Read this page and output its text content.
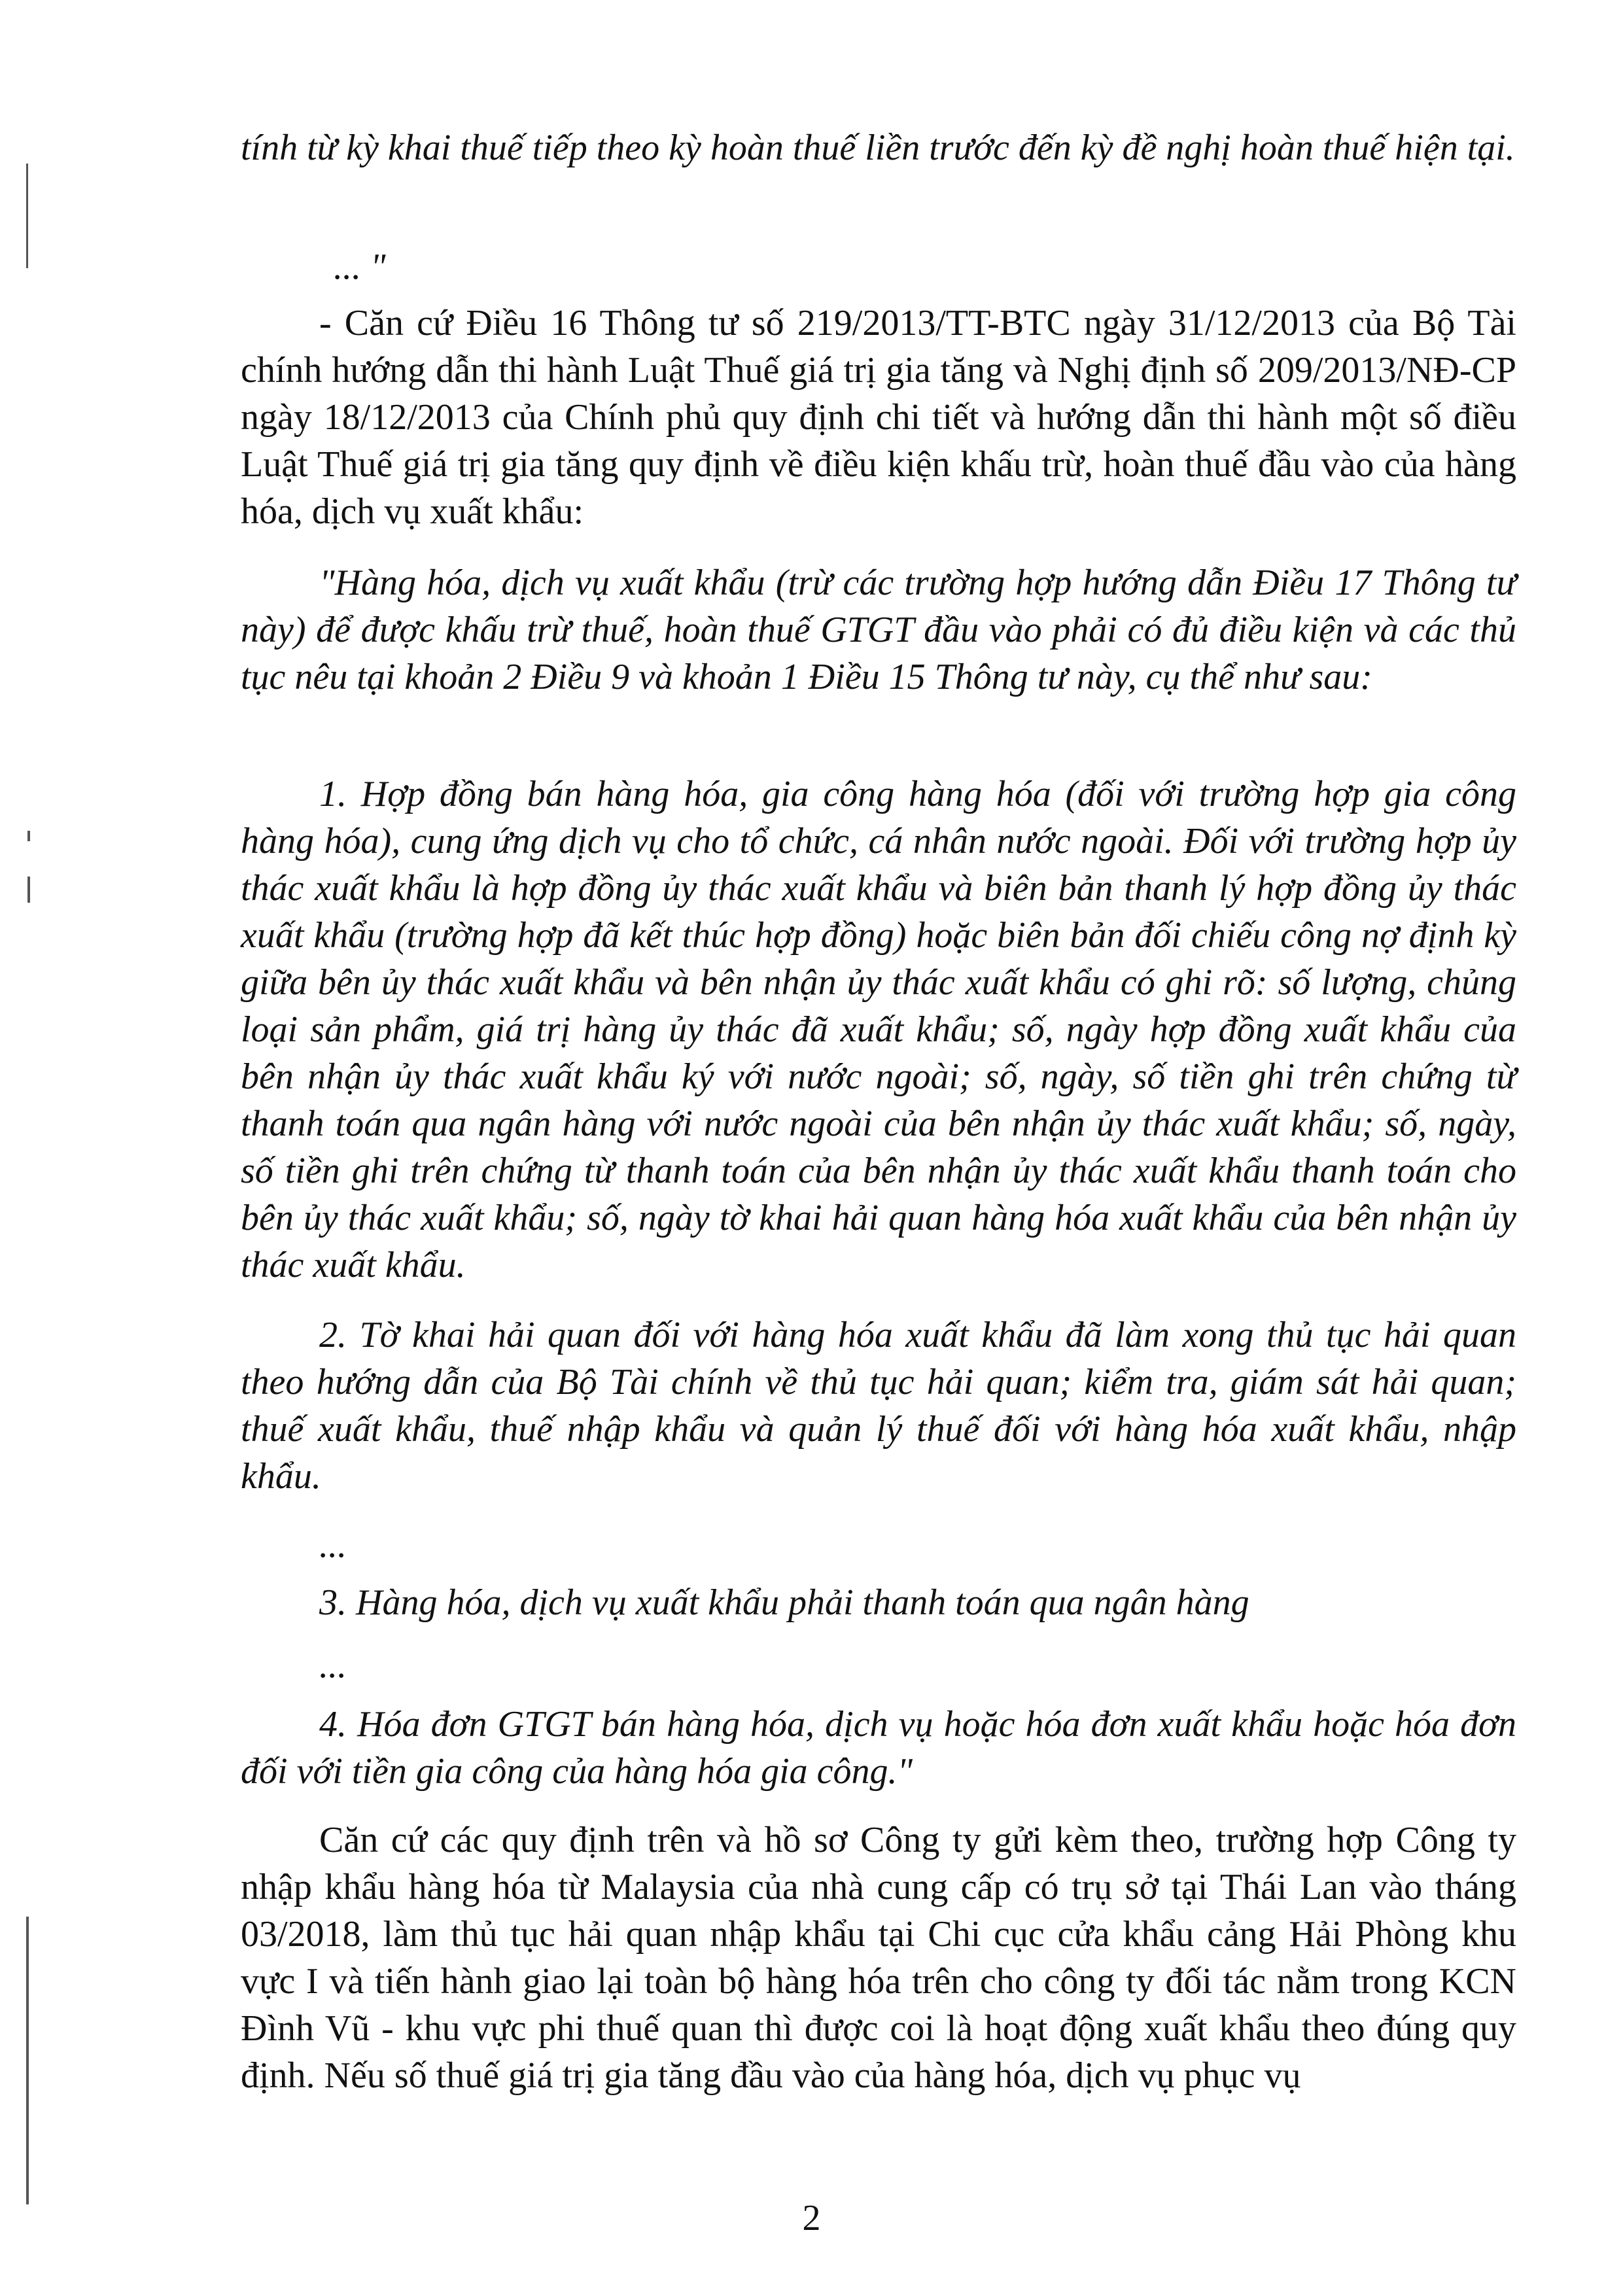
tính từ kỳ khai thuế tiếp theo kỳ hoàn thuế liền trước đến kỳ đề nghị hoàn thuế hiện tại.

... "

- Căn cứ Điều 16 Thông tư số 219/2013/TT-BTC ngày 31/12/2013 của Bộ Tài chính hướng dẫn thi hành Luật Thuế giá trị gia tăng và Nghị định số 209/2013/NĐ-CP ngày 18/12/2013 của Chính phủ quy định chi tiết và hướng dẫn thi hành một số điều Luật Thuế giá trị gia tăng quy định về điều kiện khấu trừ, hoàn thuế đầu vào của hàng hóa, dịch vụ xuất khẩu:

"Hàng hóa, dịch vụ xuất khẩu (trừ các trường hợp hướng dẫn Điều 17 Thông tư này) để được khấu trừ thuế, hoàn thuế GTGT đầu vào phải có đủ điều kiện và các thủ tục nêu tại khoản 2 Điều 9 và khoản 1 Điều 15 Thông tư này, cụ thể như sau:

1. Hợp đồng bán hàng hóa, gia công hàng hóa (đối với trường hợp gia công hàng hóa), cung ứng dịch vụ cho tổ chức, cá nhân nước ngoài. Đối với trường hợp ủy thác xuất khẩu là hợp đồng ủy thác xuất khẩu và biên bản thanh lý hợp đồng ủy thác xuất khẩu (trường hợp đã kết thúc hợp đồng) hoặc biên bản đối chiếu công nợ định kỳ giữa bên ủy thác xuất khẩu và bên nhận ủy thác xuất khẩu có ghi rõ: số lượng, chủng loại sản phẩm, giá trị hàng ủy thác đã xuất khẩu; số, ngày hợp đồng xuất khẩu của bên nhận ủy thác xuất khẩu ký với nước ngoài; số, ngày, số tiền ghi trên chứng từ thanh toán qua ngân hàng với nước ngoài của bên nhận ủy thác xuất khẩu; số, ngày, số tiền ghi trên chứng từ thanh toán của bên nhận ủy thác xuất khẩu thanh toán cho bên ủy thác xuất khẩu; số, ngày tờ khai hải quan hàng hóa xuất khẩu của bên nhận ủy thác xuất khẩu.

2. Tờ khai hải quan đối với hàng hóa xuất khẩu đã làm xong thủ tục hải quan theo hướng dẫn của Bộ Tài chính về thủ tục hải quan; kiểm tra, giám sát hải quan; thuế xuất khẩu, thuế nhập khẩu và quản lý thuế đối với hàng hóa xuất khẩu, nhập khẩu.

...

3. Hàng hóa, dịch vụ xuất khẩu phải thanh toán qua ngân hàng

...

4. Hóa đơn GTGT bán hàng hóa, dịch vụ hoặc hóa đơn xuất khẩu hoặc hóa đơn đối với tiền gia công của hàng hóa gia công."

Căn cứ các quy định trên và hồ sơ Công ty gửi kèm theo, trường hợp Công ty nhập khẩu hàng hóa từ Malaysia của nhà cung cấp có trụ sở tại Thái Lan vào tháng 03/2018, làm thủ tục hải quan nhập khẩu tại Chi cục cửa khẩu cảng Hải Phòng khu vực I và tiến hành giao lại toàn bộ hàng hóa trên cho công ty đối tác nằm trong KCN Đình Vũ - khu vực phi thuế quan thì được coi là hoạt động xuất khẩu theo đúng quy định. Nếu số thuế giá trị gia tăng đầu vào của hàng hóa, dịch vụ phục vụ

2
